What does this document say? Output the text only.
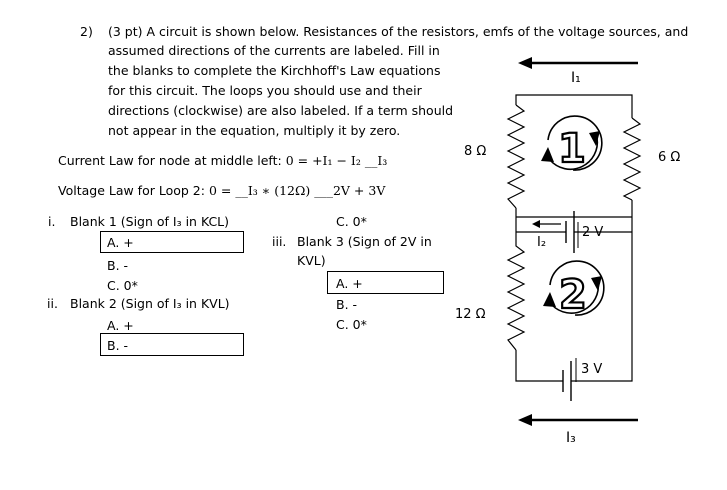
2) (3 pt) A circuit is shown below. Resistances of the resistors, emfs of the voltage sources, and
assumed directions of the currents are labeled. Fill in
the blanks to complete the Kirchhoff's Law equations
for this circuit. The loops you should use and their
directions (clockwise) are also labeled. If a term should
not appear in the equation, multiply it by zero.
Current Law for node at middle left: 0 = +I₁ − I₂ __I₃
Voltage Law for Loop 2: 0 = __I₃ ∗ (12Ω) ___2V + 3V
i. Blank 1 (Sign of I₃ in KCL)
A. +
B. -
C. 0*
ii. Blank 2 (Sign of I₃ in KVL)
A. +
B. -
C. 0*
iii. Blank 3 (Sign of 2V in
KVL)
A. +
B. -
C. 0*
I₁
8 Ω	6 Ω
12 Ω
2 V
I₂
3 V
1
2
I₃
